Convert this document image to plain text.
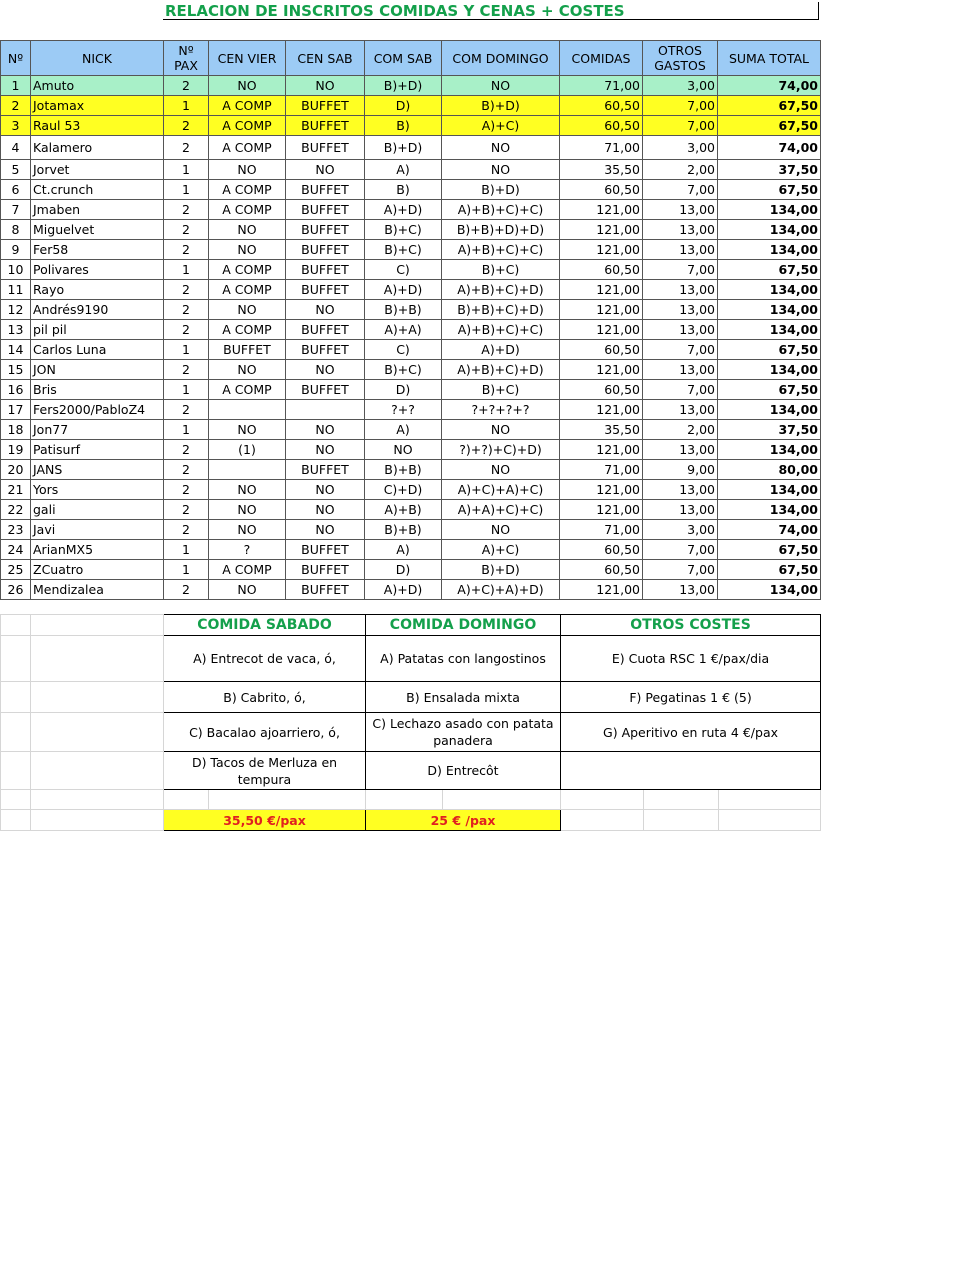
RELACION DE INSCRITOS COMIDAS Y CENAS + COSTES
Nº	NICK	Nº PAX	CEN VIER	CEN SAB	COM SAB	COM DOMINGO	COMIDAS	OTROS GASTOS	SUMA TOTAL
1	Amuto	2	NO	NO	B)+D)	NO	71,00	3,00	74,00
2	Jotamax	1	A COMP	BUFFET	D)	B)+D)	60,50	7,00	67,50
3	Raul 53	2	A COMP	BUFFET	B)	A)+C)	60,50	7,00	67,50
4	Kalamero	2	A COMP	BUFFET	B)+D)	NO	71,00	3,00	74,00
5	Jorvet	1	NO	NO	A)	NO	35,50	2,00	37,50
6	Ct.crunch	1	A COMP	BUFFET	B)	B)+D)	60,50	7,00	67,50
7	Jmaben	2	A COMP	BUFFET	A)+D)	A)+B)+C)+C)	121,00	13,00	134,00
8	Miguelvet	2	NO	BUFFET	B)+C)	B)+B)+D)+D)	121,00	13,00	134,00
9	Fer58	2	NO	BUFFET	B)+C)	A)+B)+C)+C)	121,00	13,00	134,00
10	Polivares	1	A COMP	BUFFET	C)	B)+C)	60,50	7,00	67,50
11	Rayo	2	A COMP	BUFFET	A)+D)	A)+B)+C)+D)	121,00	13,00	134,00
12	Andrés9190	2	NO	NO	B)+B)	B)+B)+C)+D)	121,00	13,00	134,00
13	pil pil	2	A COMP	BUFFET	A)+A)	A)+B)+C)+C)	121,00	13,00	134,00
14	Carlos Luna	1	BUFFET	BUFFET	C)	A)+D)	60,50	7,00	67,50
15	JON	2	NO	NO	B)+C)	A)+B)+C)+D)	121,00	13,00	134,00
16	Bris	1	A COMP	BUFFET	D)	B)+C)	60,50	7,00	67,50
17	Fers2000/PabloZ4	2			?+?	?+?+?+?	121,00	13,00	134,00
18	Jon77	1	NO	NO	A)	NO	35,50	2,00	37,50
19	Patisurf	2	(1)	NO	NO	?)+?)+C)+D)	121,00	13,00	134,00
20	JANS	2		BUFFET	B)+B)	NO	71,00	9,00	80,00
21	Yors	2	NO	NO	C)+D)	A)+C)+A)+C)	121,00	13,00	134,00
22	gali	2	NO	NO	A)+B)	A)+A)+C)+C)	121,00	13,00	134,00
23	Javi	2	NO	NO	B)+B)	NO	71,00	3,00	74,00
24	ArianMX5	1	?	BUFFET	A)	A)+C)	60,50	7,00	67,50
25	ZCuatro	1	A COMP	BUFFET	D)	B)+D)	60,50	7,00	67,50
26	Mendizalea	2	NO	BUFFET	A)+D)	A)+C)+A)+D)	121,00	13,00	134,00
		COMIDA SABADO		COMIDA DOMINGO		OTROS COSTES		
		A) Entrecot de vaca, ó,		A) Patatas con langostinos		E) Cuota RSC 1 €/pax/dia		
		B) Cabrito, ó,		B) Ensalada mixta		F) Pegatinas 1 € (5)		
		C) Bacalao ajoarriero, ó,		C) Lechazo asado con patata panadera		G) Aperitivo en ruta 4 €/pax		
		D) Tacos de Merluza en tempura		D) Entrecôt				

		35,50 €/pax		25 € /pax				
